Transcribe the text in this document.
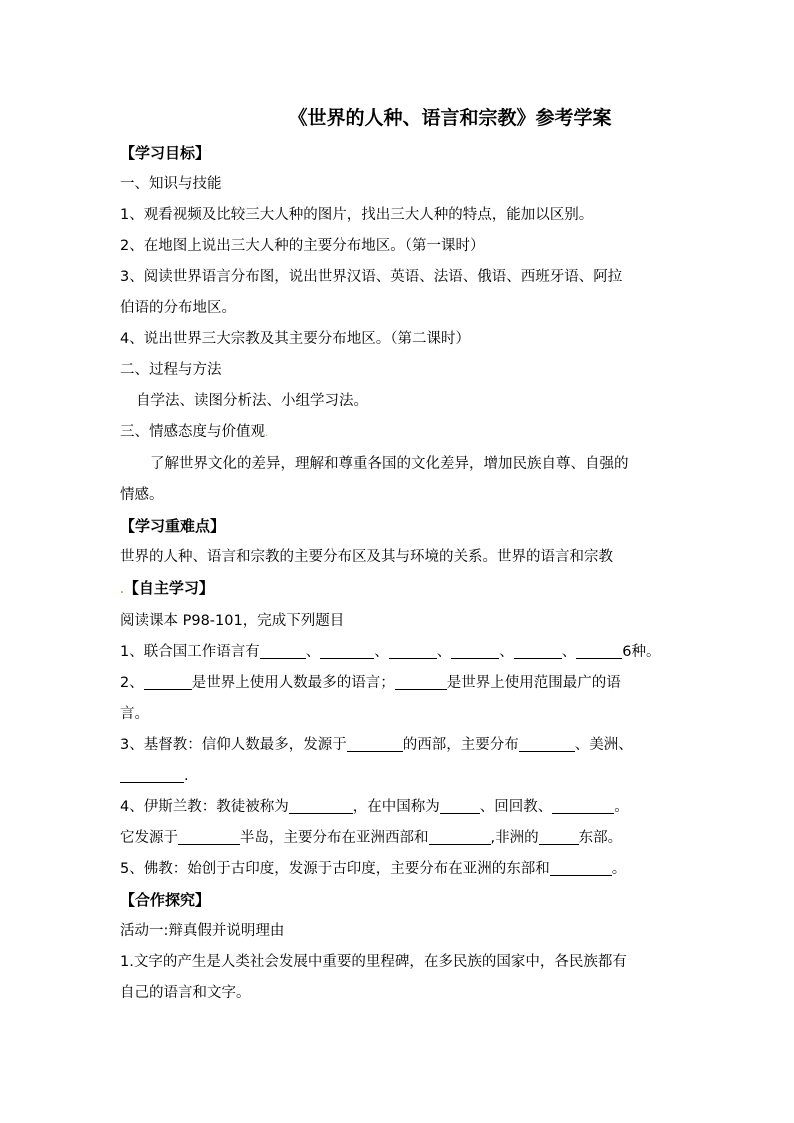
《世界的人种、语言和宗教》参考学案
【学习目标】
一、知识与技能
1、观看视频及比较三大人种的图片，找出三大人种的特点，能加以区别。
2、在地图上说出三大人种的主要分布地区。（第一课时）
3、阅读世界语言分布图，说出世界汉语、英语、法语、俄语、西班牙语、阿拉
伯语的分布地区。
4、说出世界三大宗教及其主要分布地区。（第二课时）
二、过程与方法
自学法、读图分析法、小组学习法。
三、情感态度与价值观.
了解世界文化的差异，理解和尊重各国的文化差异，增加民族自尊、自强的
情感。
【学习重难点】
世界的人种、语言和宗教的主要分布区及其与环境的关系。世界的语言和宗教
.【自主学习】
阅读课本 P98-101，完成下列题目
1、联合国工作语言有	、	、	、	、	、	6种。
2、	是世界上使用人数最多的语言；	是世界上使用范围最广的语
言。
3、基督教：信仰人数最多，发源于	的西部，主要分布	、美洲、
.
4、伊斯兰教：教徒被称为	，在中国称为	、回回教、	。
它发源于	半岛，主要分布在亚洲西部和	,非洲的	东部。
5、佛教：始创于古印度，发源于古印度，主要分布在亚洲的东部和	。
【合作探究】
活动一:辩真假并说明理由
1.文字的产生是人类社会发展中重要的里程碑，在多民族的国家中，各民族都有
自己的语言和文字。
